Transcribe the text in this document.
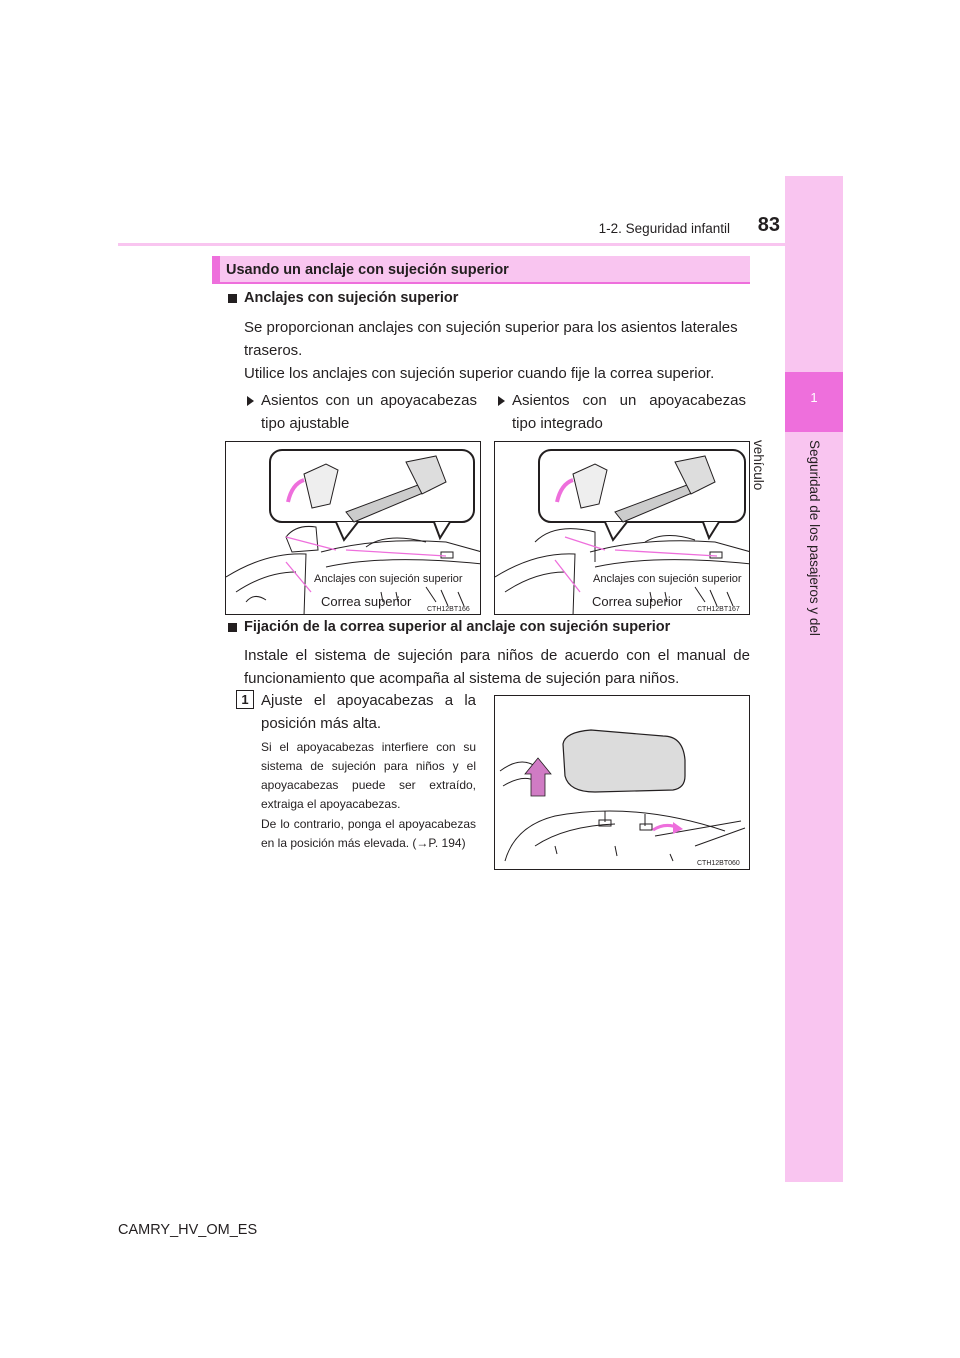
1
Seguridad de los pasajeros y del vehículo
1-2. Seguridad infantil	83
Usando un anclaje con sujeción superior
Anclajes con sujeción superior
Se proporcionan anclajes con sujeción superior para los asientos laterales traseros.
Utilice los anclajes con sujeción superior cuando fije la correa superior.
Asientos con un apoyacabezas tipo ajustable
Asientos con un apoyacabezas tipo integrado
Anclajes con sujeción superior
Correa superior
CTH12BT166
Anclajes con sujeción superior
Correa superior
CTH12BT167
Fijación de la correa superior al anclaje con sujeción superior
Instale el sistema de sujeción para niños de acuerdo con el manual de funcionamiento que acompaña al sistema de sujeción para niños.
1 Ajuste el apoyacabezas a la posición más alta.
Si el apoyacabezas interfiere con su sistema de sujeción para niños y el apoyacabezas puede ser extraído, extraiga el apoyacabezas.
De lo contrario, ponga el apoyacabezas en la posición más elevada. (→P. 194)
CTH12BT060
CAMRY_HV_OM_ES
